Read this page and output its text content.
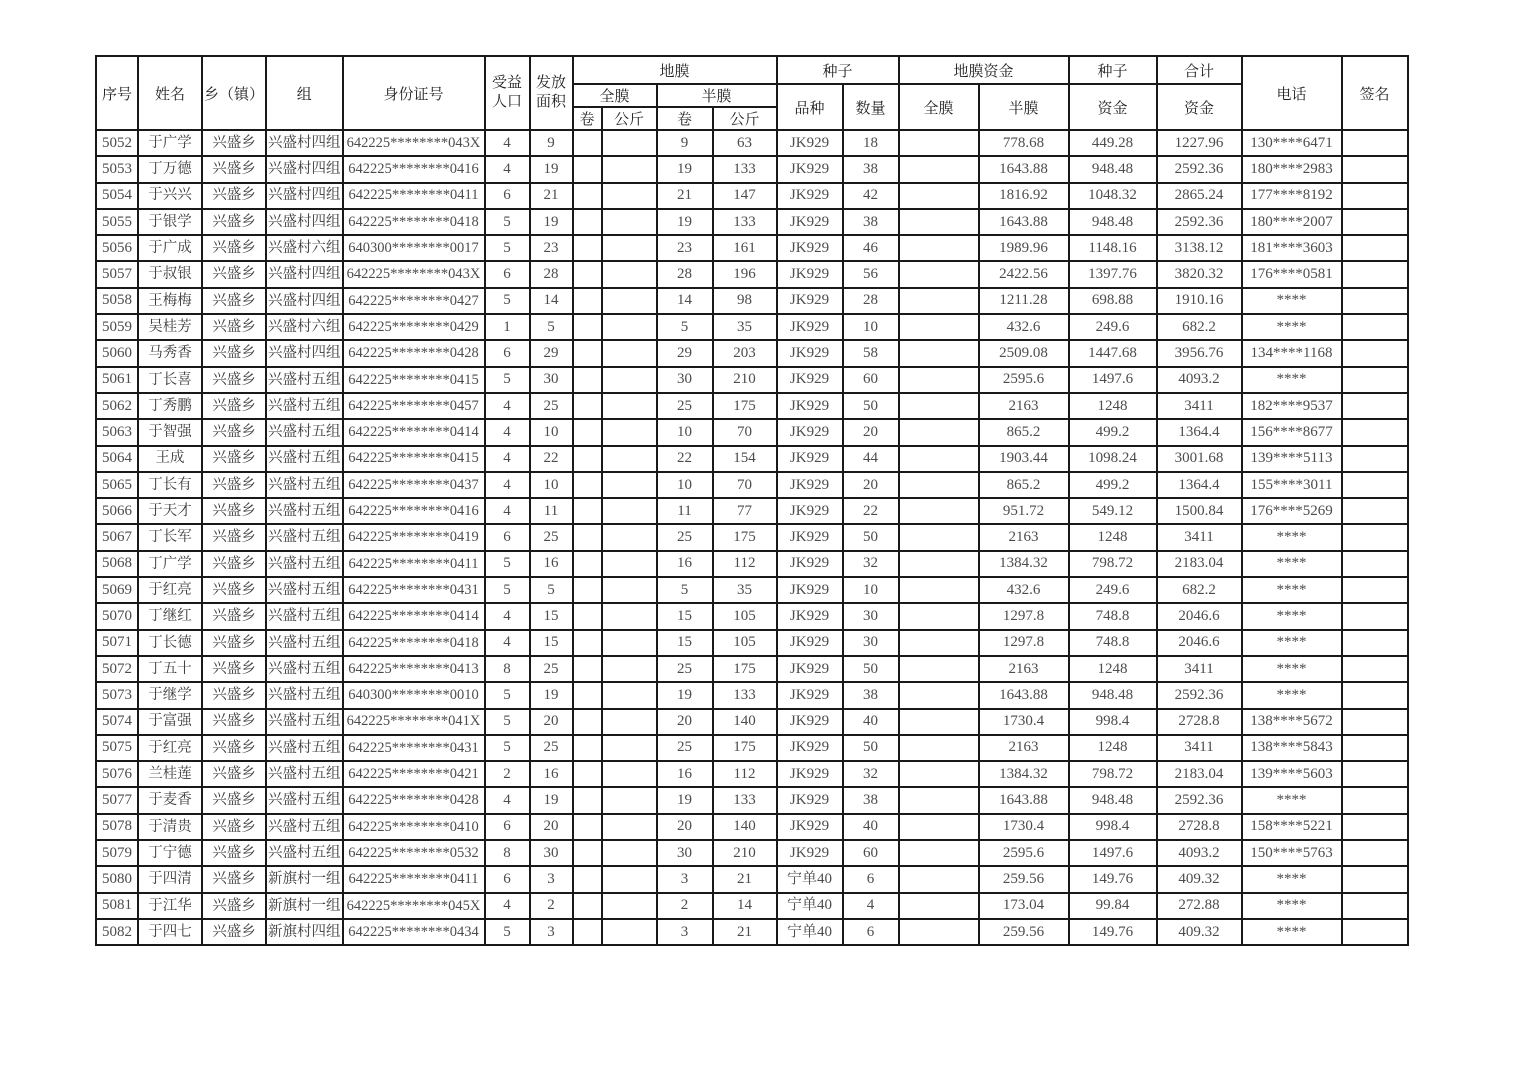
序号	姓名	乡（镇）	组	身份证号	受益人口	发放面积	地膜				种子		地膜资金		种子	合计	电话	签名
							全膜		半膜		品种	数量	全膜	半膜	资金	资金		
							卷	公斤	卷	公斤								
5052	于广学	兴盛乡	兴盛村四组	642225********043X	4	9			9	63	JK929	18		778.68	449.28	1227.96	130****6471	
5053	丁万德	兴盛乡	兴盛村四组	642225********0416	4	19			19	133	JK929	38		1643.88	948.48	2592.36	180****2983	
5054	于兴兴	兴盛乡	兴盛村四组	642225********0411	6	21			21	147	JK929	42		1816.92	1048.32	2865.24	177****8192	
5055	于银学	兴盛乡	兴盛村四组	642225********0418	5	19			19	133	JK929	38		1643.88	948.48	2592.36	180****2007	
5056	于广成	兴盛乡	兴盛村六组	640300********0017	5	23			23	161	JK929	46		1989.96	1148.16	3138.12	181****3603	
5057	于叔银	兴盛乡	兴盛村四组	642225********043X	6	28			28	196	JK929	56		2422.56	1397.76	3820.32	176****0581	
5058	王梅梅	兴盛乡	兴盛村四组	642225********0427	5	14			14	98	JK929	28		1211.28	698.88	1910.16	****	
5059	吴桂芳	兴盛乡	兴盛村六组	642225********0429	1	5			5	35	JK929	10		432.6	249.6	682.2	****	
5060	马秀香	兴盛乡	兴盛村四组	642225********0428	6	29			29	203	JK929	58		2509.08	1447.68	3956.76	134****1168	
5061	丁长喜	兴盛乡	兴盛村五组	642225********0415	5	30			30	210	JK929	60		2595.6	1497.6	4093.2	****	
5062	丁秀鹏	兴盛乡	兴盛村五组	642225********0457	4	25			25	175	JK929	50		2163	1248	3411	182****9537	
5063	于智强	兴盛乡	兴盛村五组	642225********0414	4	10			10	70	JK929	20		865.2	499.2	1364.4	156****8677	
5064	王成	兴盛乡	兴盛村五组	642225********0415	4	22			22	154	JK929	44		1903.44	1098.24	3001.68	139****5113	
5065	丁长有	兴盛乡	兴盛村五组	642225********0437	4	10			10	70	JK929	20		865.2	499.2	1364.4	155****3011	
5066	于天才	兴盛乡	兴盛村五组	642225********0416	4	11			11	77	JK929	22		951.72	549.12	1500.84	176****5269	
5067	丁长军	兴盛乡	兴盛村五组	642225********0419	6	25			25	175	JK929	50		2163	1248	3411	****	
5068	丁广学	兴盛乡	兴盛村五组	642225********0411	5	16			16	112	JK929	32		1384.32	798.72	2183.04	****	
5069	于红亮	兴盛乡	兴盛村五组	642225********0431	5	5			5	35	JK929	10		432.6	249.6	682.2	****	
5070	丁继红	兴盛乡	兴盛村五组	642225********0414	4	15			15	105	JK929	30		1297.8	748.8	2046.6	****	
5071	丁长德	兴盛乡	兴盛村五组	642225********0418	4	15			15	105	JK929	30		1297.8	748.8	2046.6	****	
5072	丁五十	兴盛乡	兴盛村五组	642225********0413	8	25			25	175	JK929	50		2163	1248	3411	****	
5073	于继学	兴盛乡	兴盛村五组	640300********0010	5	19			19	133	JK929	38		1643.88	948.48	2592.36	****	
5074	于富强	兴盛乡	兴盛村五组	642225********041X	5	20			20	140	JK929	40		1730.4	998.4	2728.8	138****5672	
5075	于红亮	兴盛乡	兴盛村五组	642225********0431	5	25			25	175	JK929	50		2163	1248	3411	138****5843	
5076	兰桂莲	兴盛乡	兴盛村五组	642225********0421	2	16			16	112	JK929	32		1384.32	798.72	2183.04	139****5603	
5077	于麦香	兴盛乡	兴盛村五组	642225********0428	4	19			19	133	JK929	38		1643.88	948.48	2592.36	****	
5078	于清贵	兴盛乡	兴盛村五组	642225********0410	6	20			20	140	JK929	40		1730.4	998.4	2728.8	158****5221	
5079	丁宁德	兴盛乡	兴盛村五组	642225********0532	8	30			30	210	JK929	60		2595.6	1497.6	4093.2	150****5763	
5080	于四清	兴盛乡	新旗村一组	642225********0411	6	3			3	21	宁单40	6		259.56	149.76	409.32	****	
5081	于江华	兴盛乡	新旗村一组	642225********045X	4	2			2	14	宁单40	4		173.04	99.84	272.88	****	
5082	于四七	兴盛乡	新旗村四组	642225********0434	5	3			3	21	宁单40	6		259.56	149.76	409.32	****	
